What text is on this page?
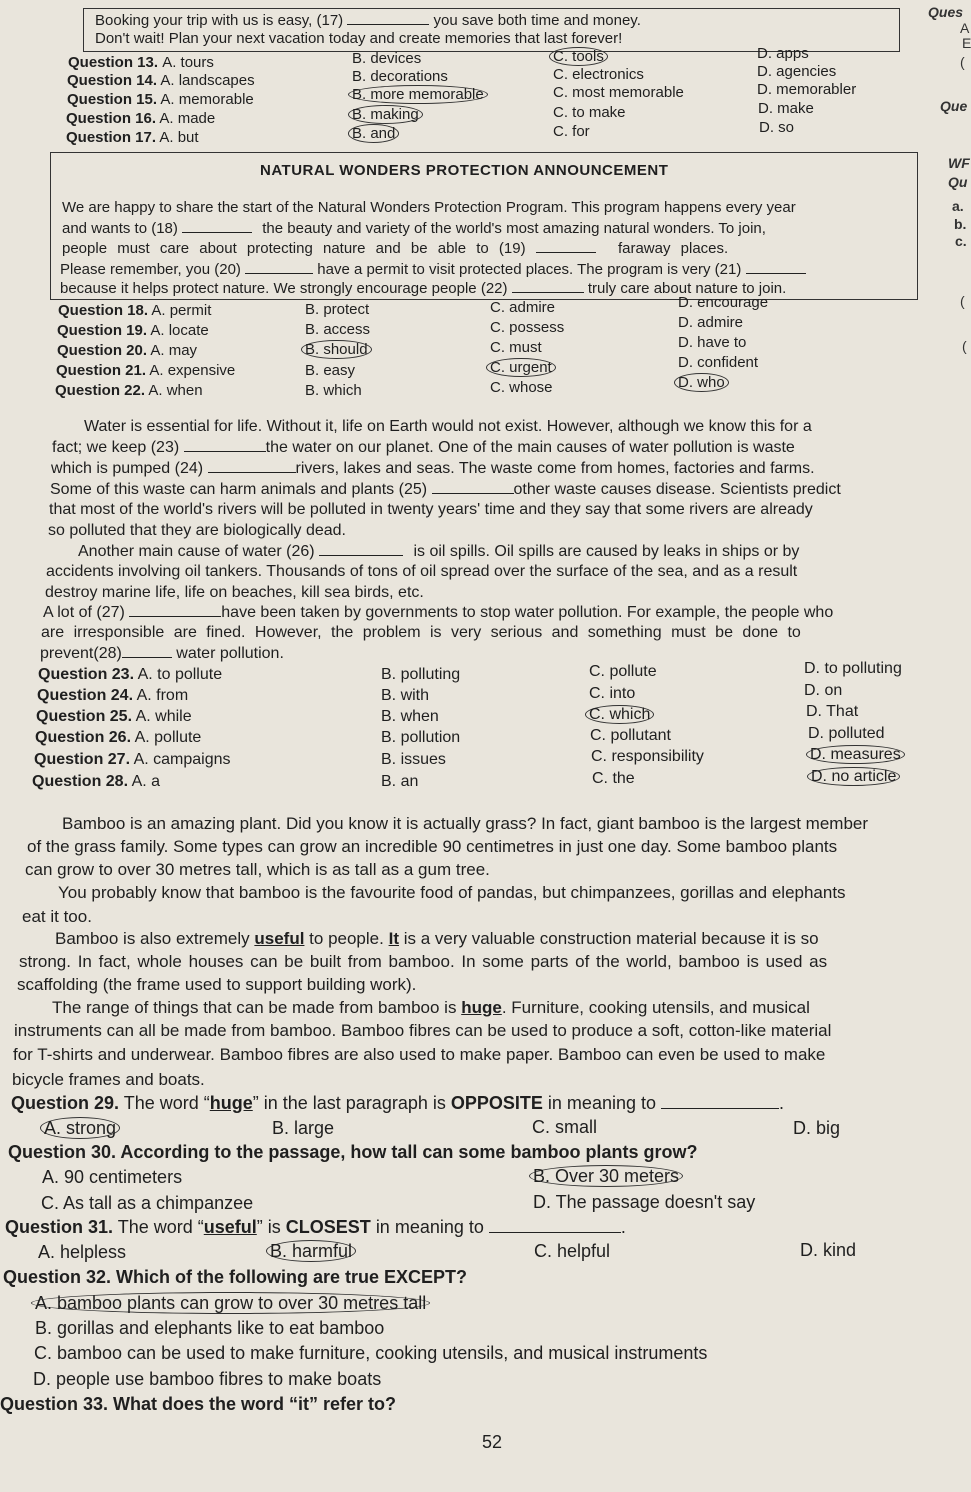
Booking your trip with us is easy, (17)	you save both time and money.
Don't wait! Plan your next vacation today and create memories that last forever!
Question 13. A. tours	B. devices	C. tools	D. apps
Question 14. A. landscapes	B. decorations	C. electronics	D. agencies
Question 15. A. memorable	B. more memorable	C. most memorable	D. memorabler
Question 16. A. made	B. making	C. to make	D. make
Question 17. A. but	B. and	C. for	D. so
NATURAL WONDERS PROTECTION ANNOUNCEMENT
We are happy to share the start of the Natural Wonders Protection Program. This program happens every year
and wants to (18)	the beauty and variety of the world's most amazing natural wonders. To join,
people must care about protecting nature and be able to (19)	faraway places.
Please remember, you (20)	have a permit to visit protected places. The program is very (21)
because it helps protect nature. We strongly encourage people (22)	truly care about nature to join.
Question 18. A. permit	B. protect	C. admire	D. encourage
Question 19. A. locate	B. access	C. possess	D. admire
Question 20. A. may	B. should	C. must	D. have to
Question 21. A. expensive	B. easy	C. urgent	D. confident
Question 22. A. when	B. which	C. whose	D. who
Water is essential for life. Without it, life on Earth would not exist. However, although we know this for a
fact; we keep (23)	the water on our planet. One of the main causes of water pollution is waste
which is pumped (24)	rivers, lakes and seas. The waste come from homes, factories and farms.
Some of this waste can harm animals and plants (25)	other waste causes disease. Scientists predict
that most of the world's rivers will be polluted in twenty years' time and they say that some rivers are already
so polluted that they are biologically dead.
Another main cause of water (26)	is oil spills. Oil spills are caused by leaks in ships or by
accidents involving oil tankers. Thousands of tons of oil spread over the surface of the sea, and as a result
destroy marine life, life on beaches, kill sea birds, etc.
A lot of (27)	have been taken by governments to stop water pollution. For example, the people who
are irresponsible are fined. However, the problem is very serious and something must be done to
prevent(28)	water pollution.
Question 23. A. to pollute	B. polluting	C. pollute	D. to polluting
Question 24. A. from	B. with	C. into	D. on
Question 25. A. while	B. when	C. which	D. That
Question 26. A. pollute	B. pollution	C. pollutant	D. polluted
Question 27. A. campaigns	B. issues	C. responsibility	D. measures
Question 28. A. a	B. an	C. the	D. no article
Bamboo is an amazing plant. Did you know it is actually grass? In fact, giant bamboo is the largest member
of the grass family. Some types can grow an incredible 90 centimetres in just one day. Some bamboo plants
can grow to over 30 metres tall, which is as tall as a gum tree.
You probably know that bamboo is the favourite food of pandas, but chimpanzees, gorillas and elephants
eat it too.
Bamboo is also extremely useful to people. It is a very valuable construction material because it is so
strong. In fact, whole houses can be built from bamboo. In some parts of the world, bamboo is used as
scaffolding (the frame used to support building work).
The range of things that can be made from bamboo is huge. Furniture, cooking utensils, and musical
instruments can all be made from bamboo. Bamboo fibres can be used to produce a soft, cotton-like material
for T-shirts and underwear. Bamboo fibres are also used to make paper. Bamboo can even be used to make
bicycle frames and boats.
Question 29. The word “huge” in the last paragraph is OPPOSITE in meaning to	.
A. strong	B. large	C. small	D. big
Question 30. According to the passage, how tall can some bamboo plants grow?
A. 90 centimeters	B. Over 30 meters
C. As tall as a chimpanzee	D. The passage doesn't say
Question 31. The word “useful” is CLOSEST in meaning to	.
A. helpless	B. harmful	C. helpful	D. kind
Question 32. Which of the following are true EXCEPT?
A. bamboo plants can grow to over 30 metres tall
B. gorillas and elephants like to eat bamboo
C. bamboo can be used to make furniture, cooking utensils, and musical instruments
D. people use bamboo fibres to make boats
Question 33. What does the word “it” refer to?
52
Ques
A
E
(
Que
WF
Qu
a.
b.
c.
(
(
